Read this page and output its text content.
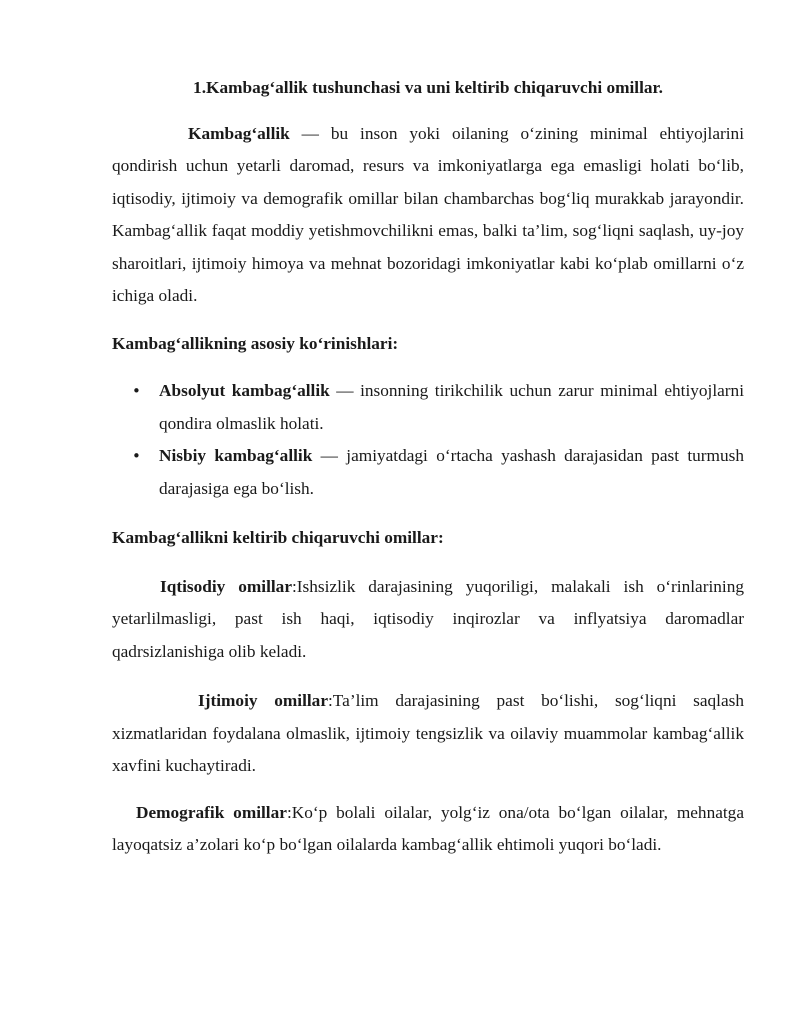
1.Kambag‘allik tushunchasi va uni keltirib chiqaruvchi omillar.

Kambag‘allik — bu inson yoki oilaning o‘zining minimal ehtiyojlarini qondirish uchun yetarli daromad, resurs va imkoniyatlarga ega emasligi holati bo‘lib, iqtisodiy, ijtimoiy va demografik omillar bilan chambarchas bog‘liq murakkab jarayondir. Kambag‘allik faqat moddiy yetishmovchilikni emas, balki ta’lim, sog‘liqni saqlash, uy-joy sharoitlari, ijtimoiy himoya va mehnat bozoridagi imkoniyatlar kabi ko‘plab omillarni o‘z ichiga oladi.

Kambag‘allikning asosiy ko‘rinishlari:

• Absolyut kambag‘allik — insonning tirikchilik uchun zarur minimal ehtiyojlarni qondira olmaslik holati.
• Nisbiy kambag‘allik — jamiyatdagi o‘rtacha yashash darajasidan past turmush darajasiga ega bo‘lish.

Kambag‘allikni keltirib chiqaruvchi omillar:

Iqtisodiy omillar:Ishsizlik darajasining yuqoriligi, malakali ish o‘rinlarining yetarlilmasligi, past ish haqi, iqtisodiy inqirozlar va inflyatsiya daromadlar qadrsizlanishiga olib keladi.

Ijtimoiy omillar:Ta’lim darajasining past bo‘lishi, sog‘liqni saqlash xizmatlaridan foydalana olmaslik, ijtimoiy tengsizlik va oilaviy muammolar kambag‘allik xavfini kuchaytiradi.

Demografik omillar:Ko‘p bolali oilalar, yolg‘iz ona/ota bo‘lgan oilalar, mehnatga layoqatsiz a’zolari ko‘p bo‘lgan oilalarda kambag‘allik ehtimoli yuqori bo‘ladi.
